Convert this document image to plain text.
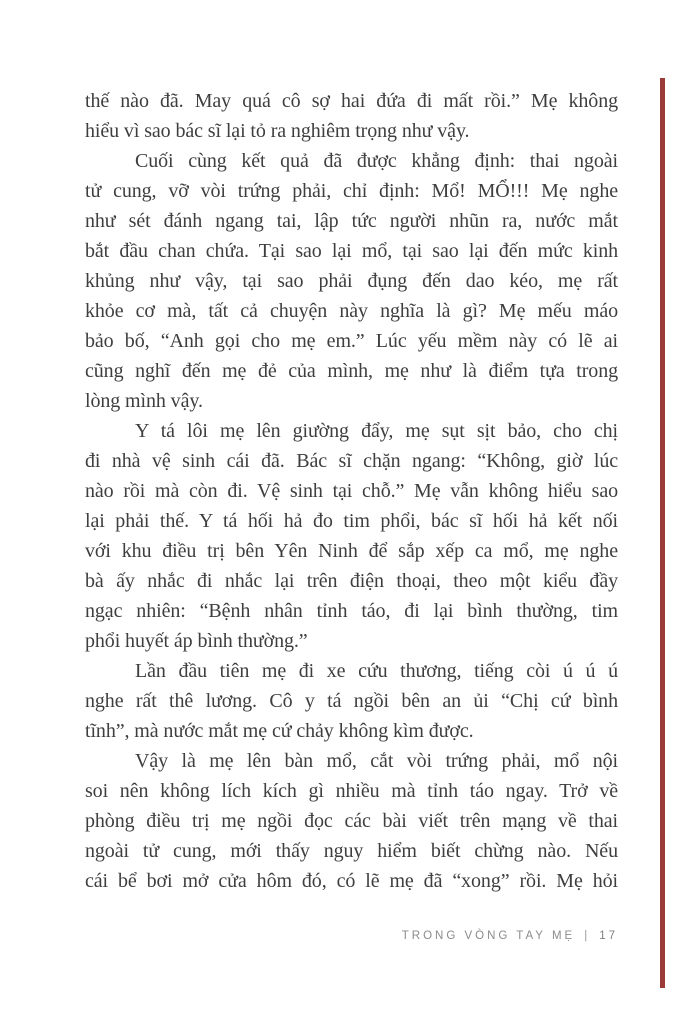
thế nào đã. May quá cô sợ hai đứa đi mất rồi.” Mẹ không
hiểu vì sao bác sĩ lại tỏ ra nghiêm trọng như vậy.
Cuối cùng kết quả đã được khẳng định: thai ngoài
tử cung, vỡ vòi trứng phải, chỉ định: Mổ! MỔ!!! Mẹ nghe
như sét đánh ngang tai, lập tức người nhũn ra, nước mắt
bắt đầu chan chứa. Tại sao lại mổ, tại sao lại đến mức kinh
khủng như vậy, tại sao phải đụng đến dao kéo, mẹ rất
khỏe cơ mà, tất cả chuyện này nghĩa là gì? Mẹ mếu máo
bảo bố, “Anh gọi cho mẹ em.” Lúc yếu mềm này có lẽ ai
cũng nghĩ đến mẹ đẻ của mình, mẹ như là điểm tựa trong
lòng mình vậy.
Y tá lôi mẹ lên giường đẩy, mẹ sụt sịt bảo, cho chị
đi nhà vệ sinh cái đã. Bác sĩ chặn ngang: “Không, giờ lúc
nào rồi mà còn đi. Vệ sinh tại chỗ.” Mẹ vẫn không hiểu sao
lại phải thế. Y tá hối hả đo tim phổi, bác sĩ hối hả kết nối
với khu điều trị bên Yên Ninh để sắp xếp ca mổ, mẹ nghe
bà ấy nhắc đi nhắc lại trên điện thoại, theo một kiểu đầy
ngạc nhiên: “Bệnh nhân tỉnh táo, đi lại bình thường, tim
phổi huyết áp bình thường.”
Lần đầu tiên mẹ đi xe cứu thương, tiếng còi ú ú ú
nghe rất thê lương. Cô y tá ngồi bên an ủi “Chị cứ bình
tĩnh”, mà nước mắt mẹ cứ chảy không kìm được.
Vậy là mẹ lên bàn mổ, cắt vòi trứng phải, mổ nội
soi nên không lích kích gì nhiều mà tỉnh táo ngay. Trở về
phòng điều trị mẹ ngồi đọc các bài viết trên mạng về thai
ngoài tử cung, mới thấy nguy hiểm biết chừng nào. Nếu
cái bể bơi mở cửa hôm đó, có lẽ mẹ đã “xong” rồi. Mẹ hỏi
TRONG VÒNG TAY MẸ | 17
